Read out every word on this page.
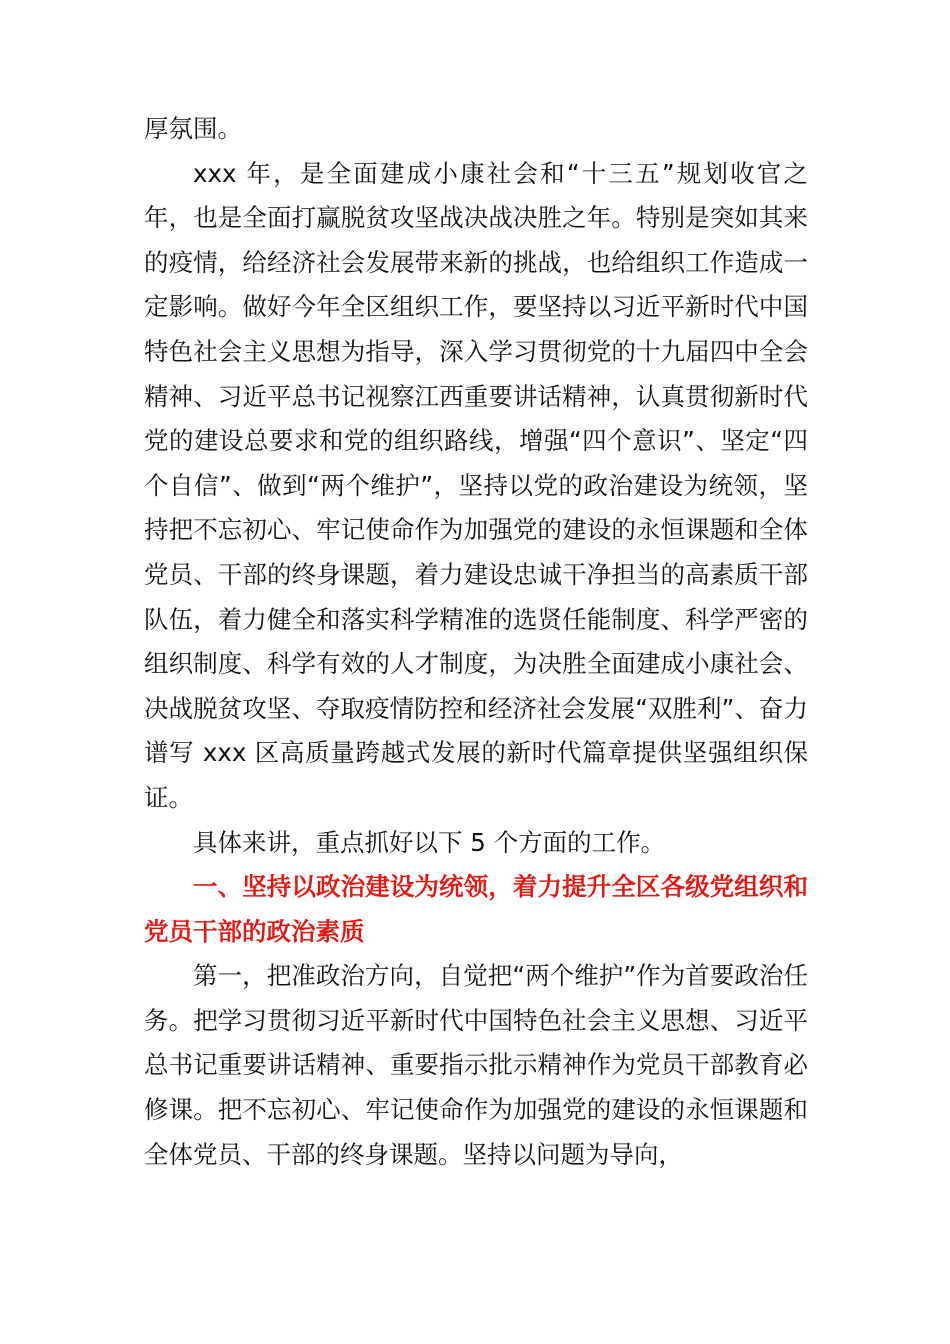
厚氛围。

xxx 年，是全面建成小康社会和“十三五”规划收官之年，也是全面打赢脱贫攻坚战决战决胜之年。特别是突如其来的疫情，给经济社会发展带来新的挑战，也给组织工作造成一定影响。做好今年全区组织工作，要坚持以习近平新时代中国特色社会主义思想为指导，深入学习贯彻党的十九届四中全会精神、习近平总书记视察江西重要讲话精神，认真贯彻新时代党的建设总要求和党的组织路线，增强“四个意识”、坚定“四个自信”、做到“两个维护”，坚持以党的政治建设为统领，坚持把不忘初心、牢记使命作为加强党的建设的永恒课题和全体党员、干部的终身课题，着力建设忠诚干净担当的高素质干部队伍，着力健全和落实科学精准的选贤任能制度、科学严密的组织制度、科学有效的人才制度，为决胜全面建成小康社会、决战脱贫攻坚、夺取疫情防控和经济社会发展“双胜利”、奋力谱写 xxx 区高质量跨越式发展的新时代篇章提供坚强组织保证。

具体来讲，重点抓好以下 5 个方面的工作。

一、坚持以政治建设为统领，着力提升全区各级党组织和党员干部的政治素质

第一，把准政治方向，自觉把“两个维护”作为首要政治任务。把学习贯彻习近平新时代中国特色社会主义思想、习近平总书记重要讲话精神、重要指示批示精神作为党员干部教育必修课。把不忘初心、牢记使命作为加强党的建设的永恒课题和全体党员、干部的终身课题。坚持以问题为导向，
